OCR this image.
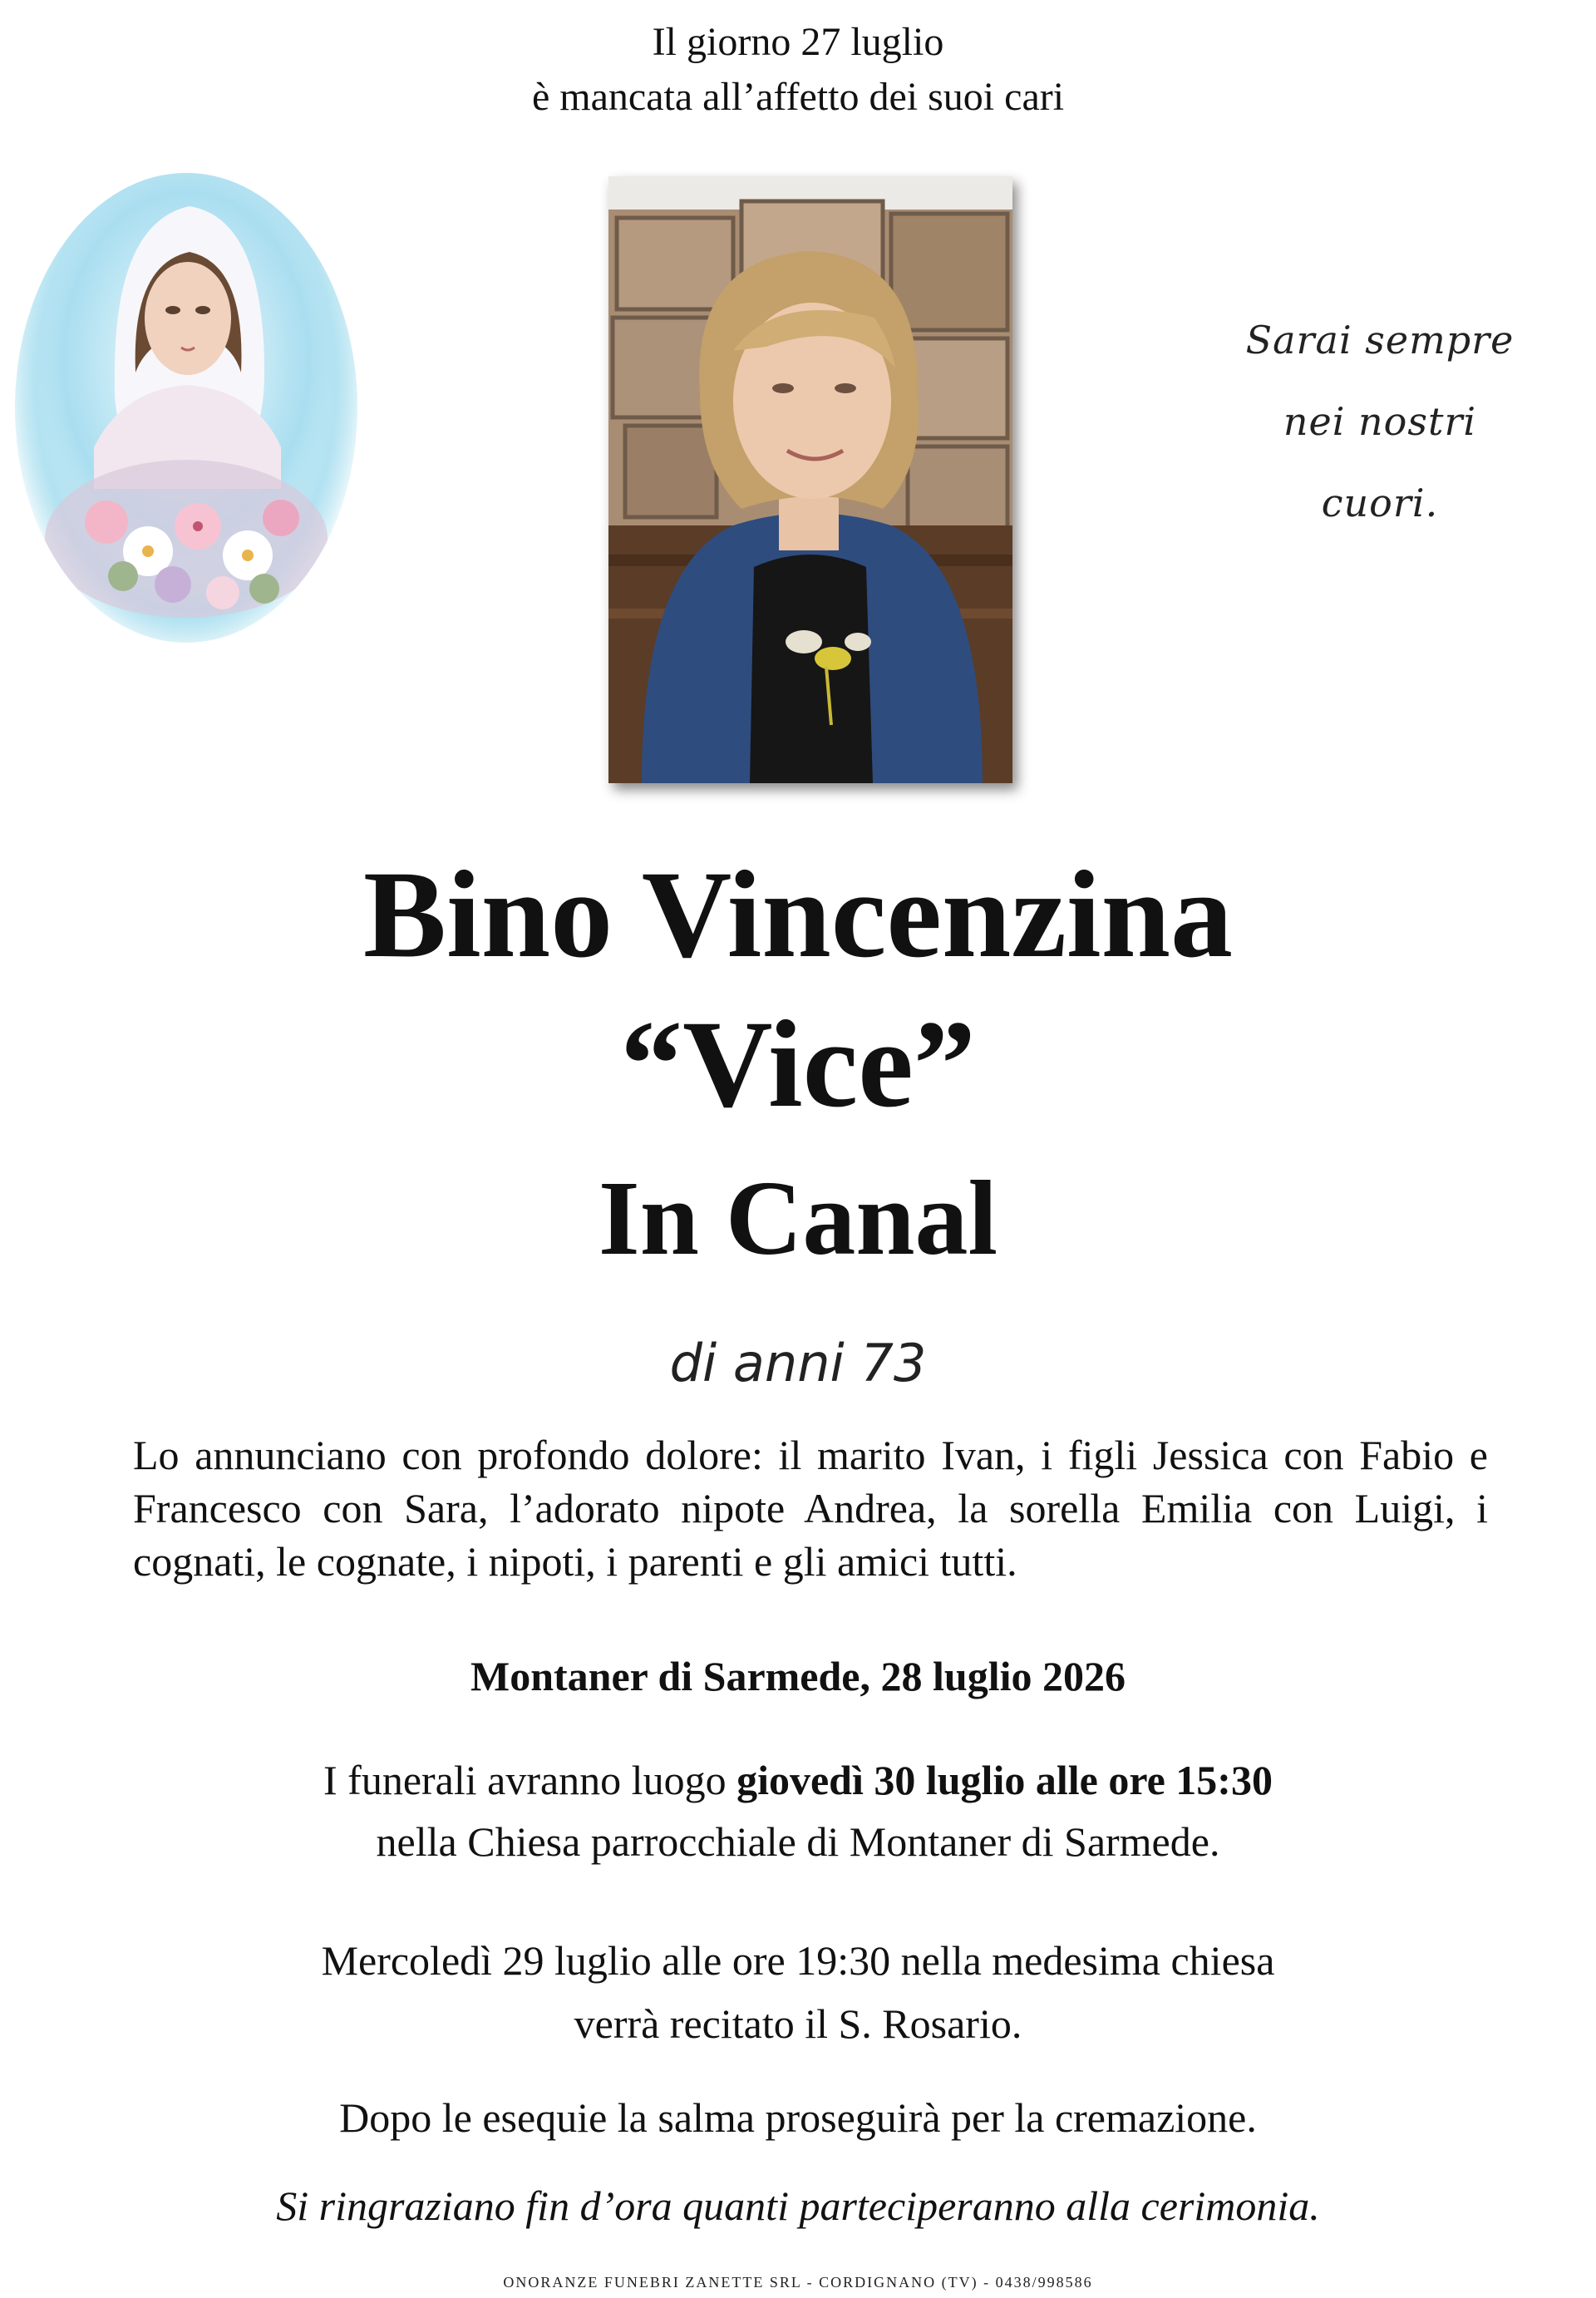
Il giorno 27 luglio
è mancata all’affetto dei suoi cari
Sarai sempre
nei nostri
cuori.
Bino Vincenzina
“Vice”
In Canal
di anni 73
Lo annunciano con profondo dolore: il marito Ivan, i figli Jessica con Fabio e Francesco con Sara, l’adorato nipote Andrea, la sorella Emilia con Luigi, i cognati, le cognate, i nipoti, i parenti e gli amici tutti.
Montaner di Sarmede, 28 luglio 2026
I funerali avranno luogo giovedì 30 luglio alle ore 15:30
nella Chiesa parrocchiale di Montaner di Sarmede.
Mercoledì 29 luglio alle ore 19:30 nella medesima chiesa
verrà recitato il S. Rosario.
Dopo le esequie la salma proseguirà per la cremazione.
Si ringraziano fin d’ora quanti parteciperanno alla cerimonia.
ONORANZE FUNEBRI ZANETTE SRL - CORDIGNANO (TV) - 0438/998586
